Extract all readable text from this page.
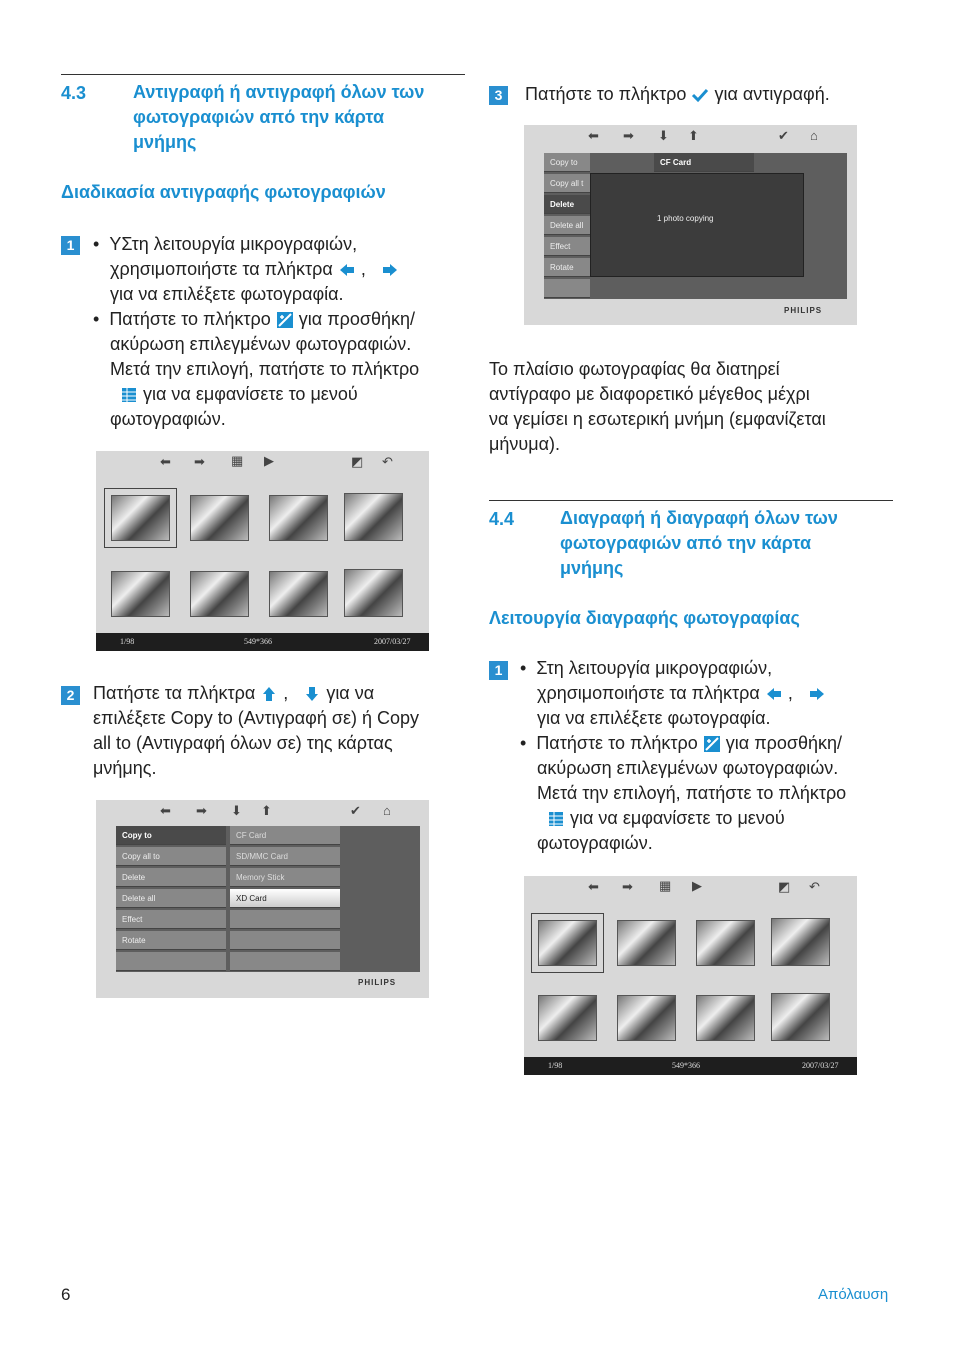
4.3	Αντιγραφή ή αντιγραφή όλων των
φωτογραφιών από την κάρτα
μνήμης
Διαδικασία αντιγραφής φωτογραφιών
1	•  ΥΣτη λειτουργία μικρογραφιών,
χρησιμοποιήστε τα πλήκτρα ,
για να επιλέξετε φωτογραφία.
•  Πατήστε το πλήκτρο για προσθήκη/
ακύρωση επιλεγμένων φωτογραφιών.
Μετά την επιλογή, πατήστε το πλήκτρο
για να εμφανίσετε το μενού
φωτογραφιών.
⬅ ➡ ▦ ▶	◩ ↶
1/98	549*366	2007/03/27
2	Πατήστε τα πλήκτρα , για να
επιλέξετε Copy to (Αντιγραφή σε) ή Copy
all to (Αντιγραφή όλων σε) της κάρτας
μνήμης.
⬅ ➡ ⬇ ⬆	✔ ⌂
Copy to
Copy all to
Delete
Delete all
Effect
Rotate
CF Card
SD/MMC Card
Memory Stick
XD Card
PHILIPS
3	Πατήστε το πλήκτρο για αντιγραφή.
⬅ ➡ ⬇ ⬆	✔ ⌂
Copy to
Copy all t
Delete
Delete all
Effect
Rotate
CF Card
1 photo copying
PHILIPS
Το πλαίσιο φωτογραφίας θα διατηρεί
αντίγραφο με διαφορετικό μέγεθος μέχρι
να γεμίσει η εσωτερική μνήμη (εμφανίζεται
μήνυμα).
4.4	Διαγραφή ή διαγραφή όλων των
φωτογραφιών από την κάρτα
μνήμης
Λειτουργία διαγραφής φωτογραφίας
1 •  Στη λειτουργία μικρογραφιών,
χρησιμοποιήστε τα πλήκτρα ,
για να επιλέξετε φωτογραφία.
•  Πατήστε το πλήκτρο για προσθήκη/
ακύρωση επιλεγμένων φωτογραφιών.
Μετά την επιλογή, πατήστε το πλήκτρο
για να εμφανίσετε το μενού
φωτογραφιών.
⬅ ➡ ▦ ▶	◩ ↶
1/98	549*366	2007/03/27
6	Απόλαυση
